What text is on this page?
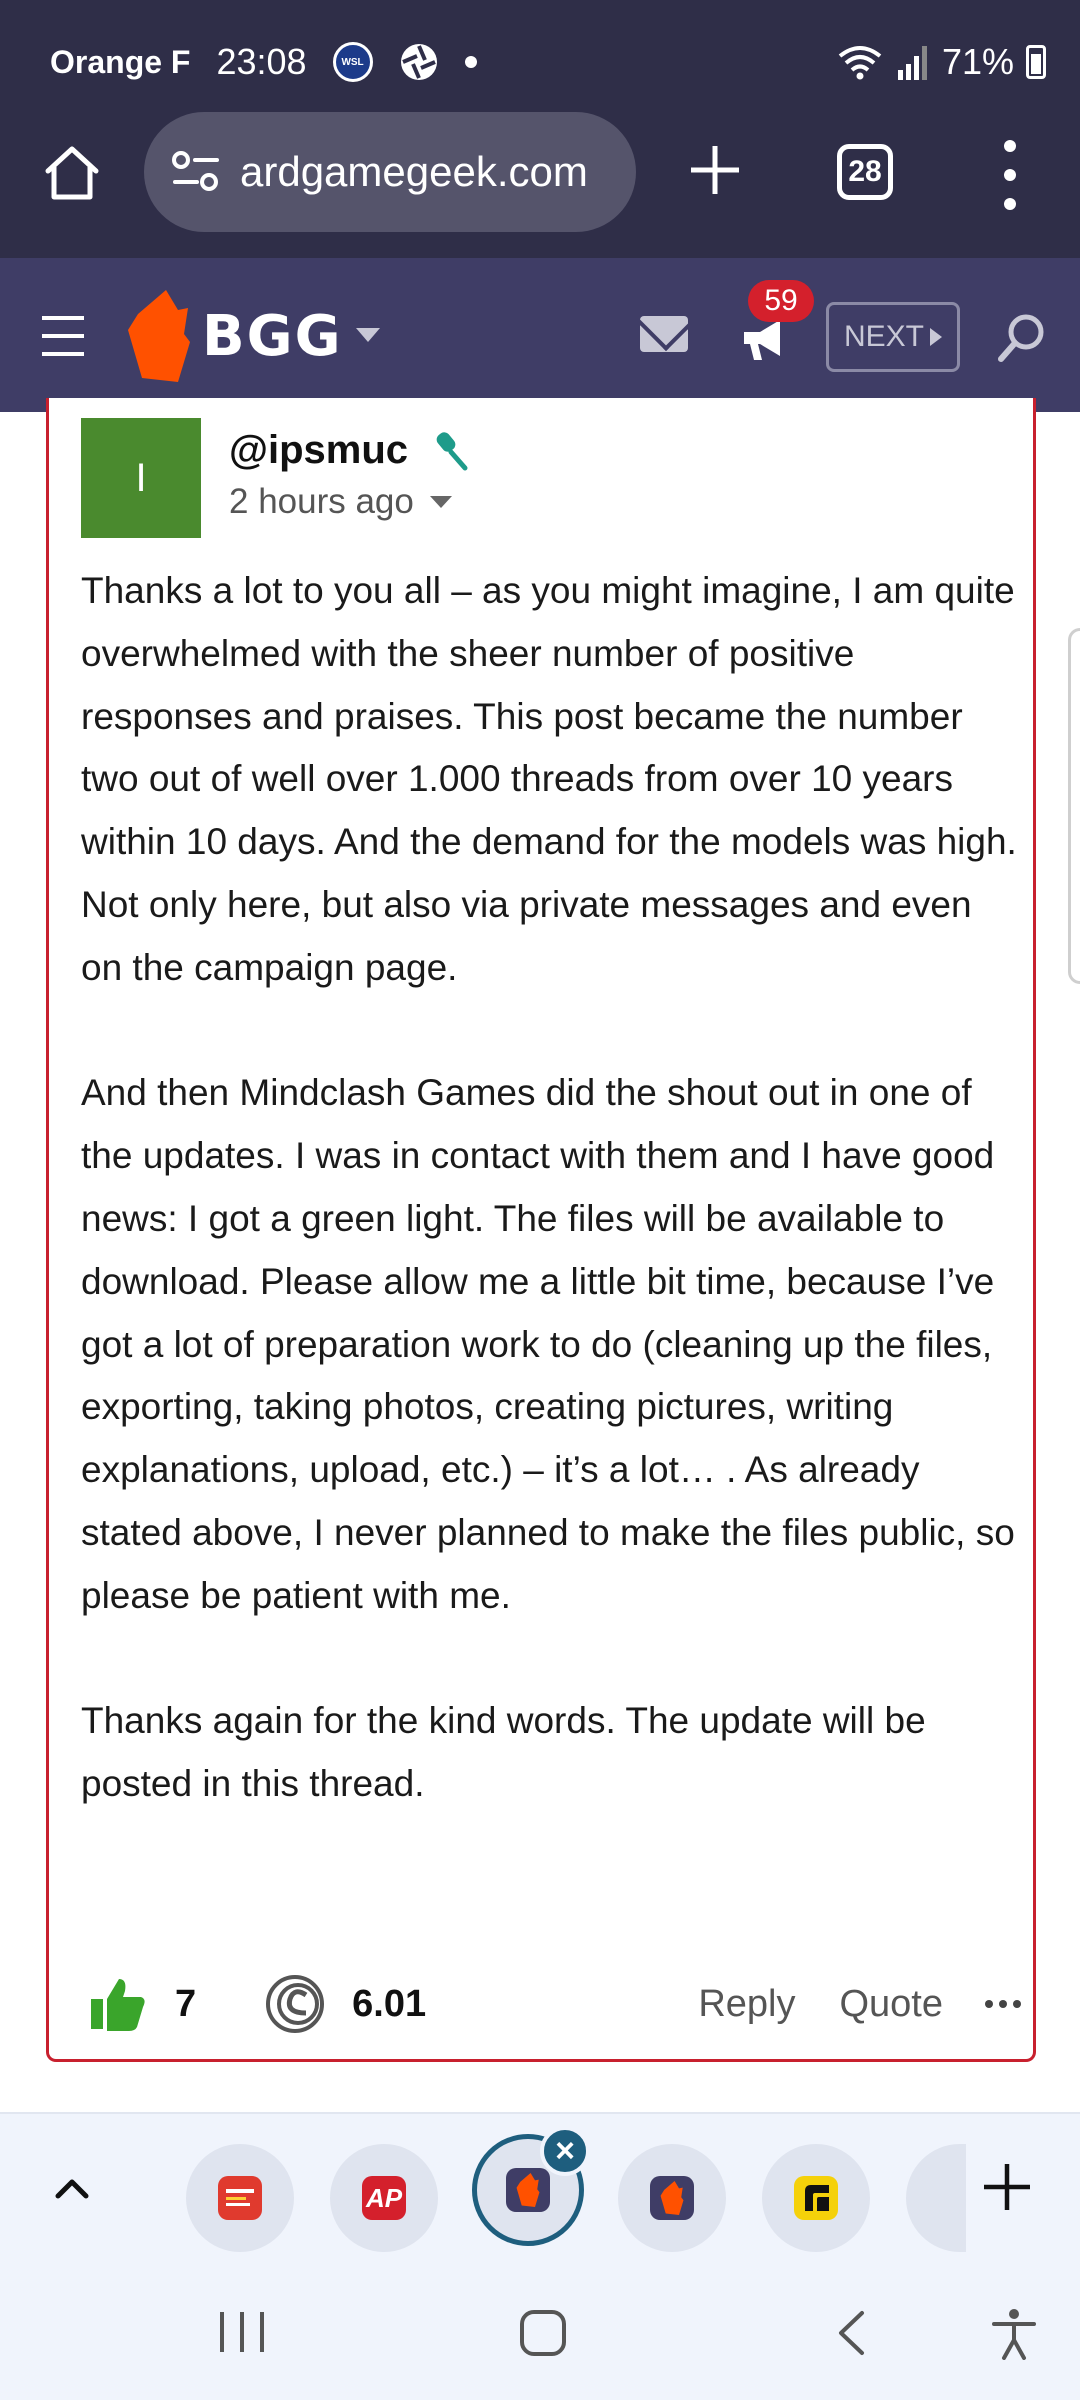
Orange F 23:08	WSL	71%
ardgamegeek.com	28
BGG
59
NEXT
I
@ipsmuc
2 hours ago

Thanks a lot to you all – as you might imagine, I am quite overwhelmed with the sheer number of positive responses and praises. This post became the number two out of well over 1.000 threads from over 10 years within 10 days. And the demand for the models was high. Not only here, but also via private messages and even on the campaign page.

And then Mindclash Games did the shout out in one of the updates. I was in contact with them and I have good news: I got a green light. The files will be available to download. Please allow me a little bit time, because I’ve got a lot of preparation work to do (cleaning up the files, exporting, taking photos, creating pictures, writing explanations, upload, etc.) – it’s a lot… . As already stated above, I never planned to make the files public, so please be patient with me.

Thanks again for the kind words. The update will be posted in this thread.

7	6.01	Reply Quote
AP
×
